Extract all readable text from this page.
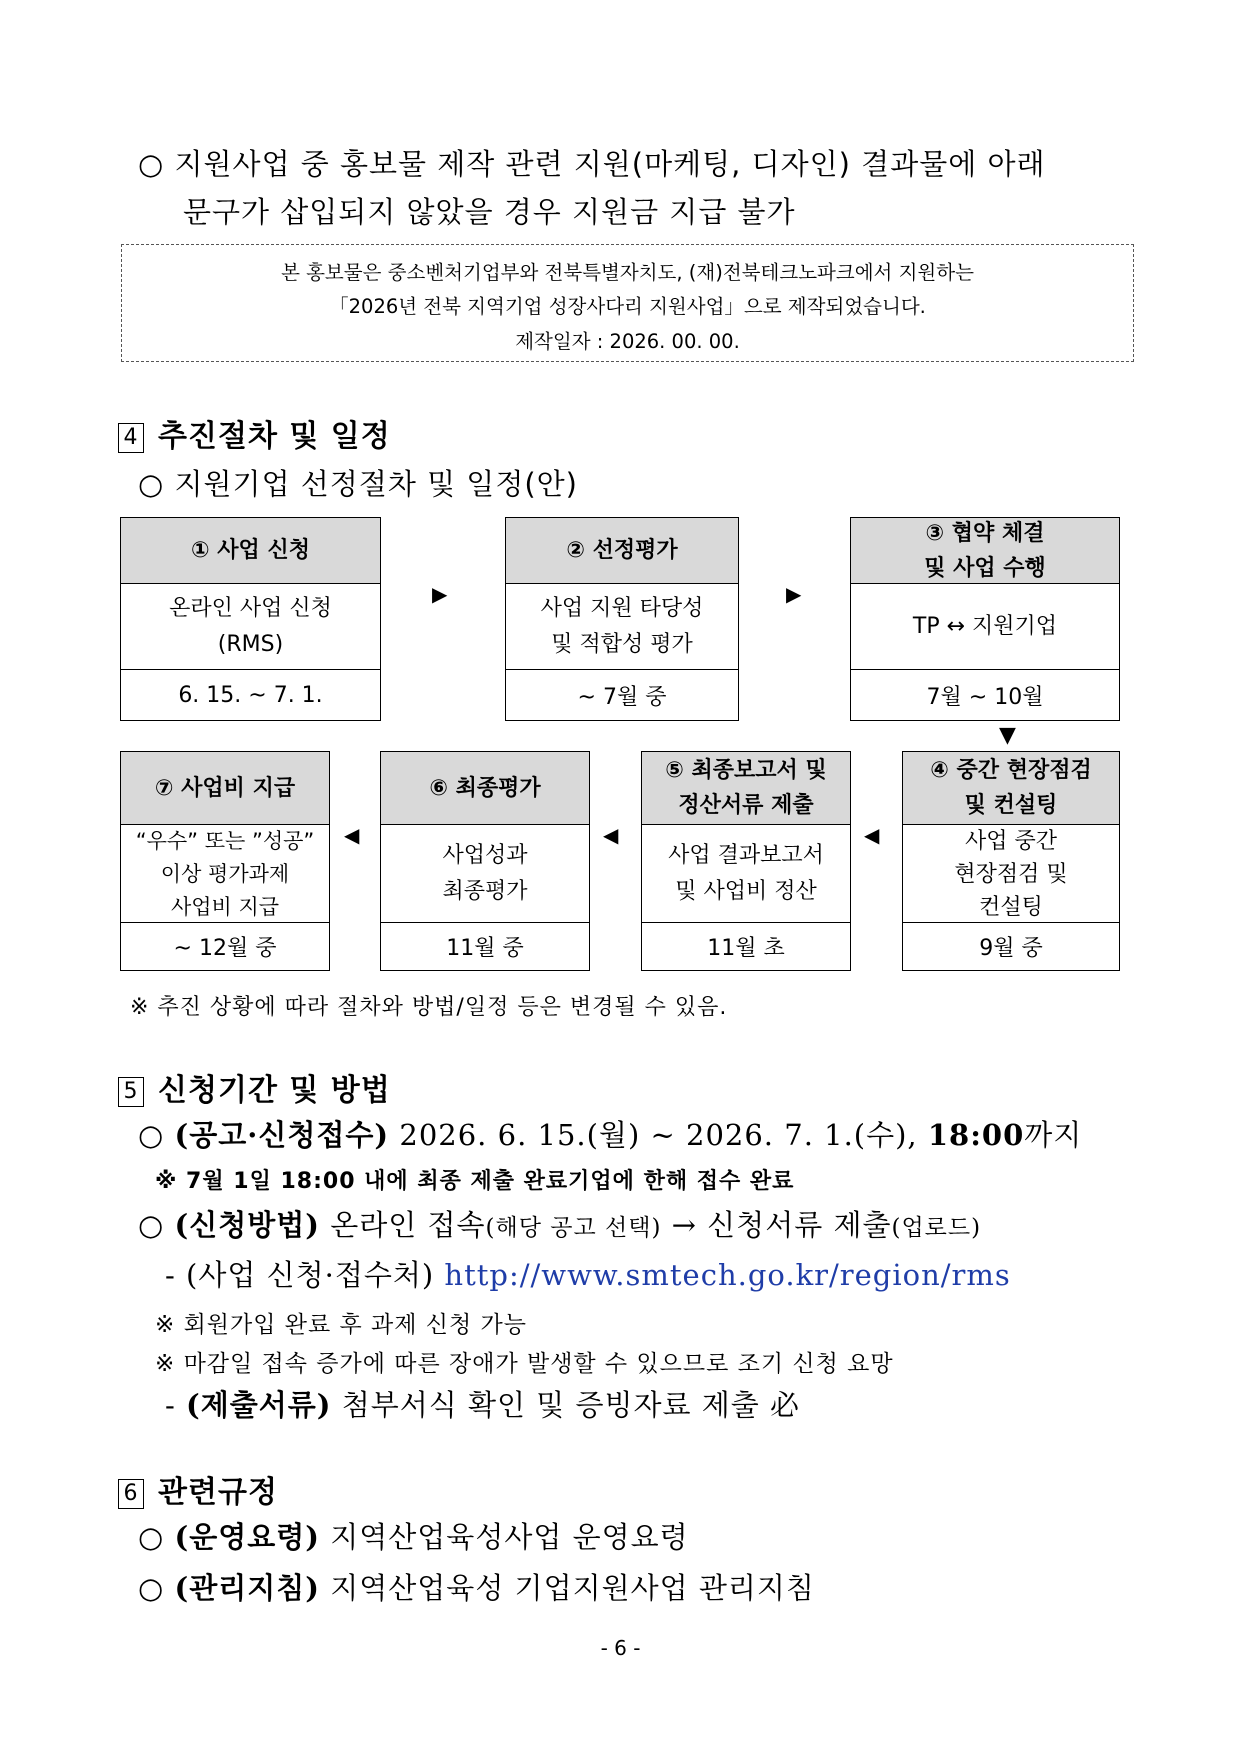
○ 지원사업 중 홍보물 제작 관련 지원(마케팅, 디자인) 결과물에 아래
문구가 삽입되지 않았을 경우 지원금 지급 불가
본 홍보물은 중소벤처기업부와 전북특별자치도, (재)전북테크노파크에서 지원하는
「2026년 전북 지역기업 성장사다리 지원사업」으로 제작되었습니다.
제작일자 : 2026. 00. 00.
4 추진절차 및 일정
○ 지원기업 선정절차 및 일정(안)
① 사업 신청
온라인 사업 신청
(RMS)
6. 15. ~ 7. 1.
▶
② 선정평가
사업 지원 타당성
및 적합성 평가
~ 7월 중
▶
③ 협약 체결
및 사업 수행
TP ↔ 지원기업
7월 ~ 10월
▼
⑦ 사업비 지급
“우수” 또는 ”성공”
이상 평가과제
사업비 지급
~ 12월 중
◀
⑥ 최종평가
사업성과
최종평가
11월 중
◀
⑤ 최종보고서 및
정산서류 제출
사업 결과보고서
및 사업비 정산
11월 초
◀
④ 중간 현장점검
및 컨설팅
사업 중간
현장점검 및
컨설팅
9월 중
※ 추진 상황에 따라 절차와 방법/일정 등은 변경될 수 있음.
5 신청기간 및 방법
○ (공고·신청접수) 2026. 6. 15.(월) ~ 2026. 7. 1.(수), 18:00까지
※ 7월 1일 18:00 내에 최종 제출 완료기업에 한해 접수 완료
○ (신청방법) 온라인 접속(해당 공고 선택) → 신청서류 제출(업로드)
- (사업 신청·접수처) http://www.smtech.go.kr/region/rms
※ 회원가입 완료 후 과제 신청 가능
※ 마감일 접속 증가에 따른 장애가 발생할 수 있으므로 조기 신청 요망
- (제출서류) 첨부서식 확인 및 증빙자료 제출 必
6 관련규정
○ (운영요령) 지역산업육성사업 운영요령
○ (관리지침) 지역산업육성 기업지원사업 관리지침
- 6 -
